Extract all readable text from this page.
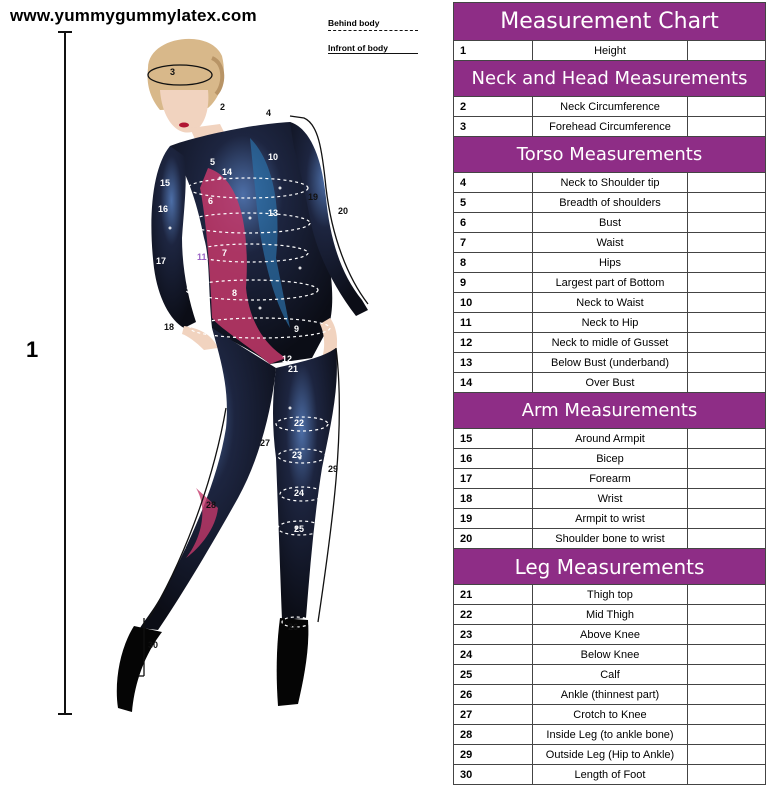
www.yummygummylatex.com	Behind body
Infront of body
1
2
3
4
5
6
7
8
9
10
11
12
13
14
15
16
17
18
19
20
21
22
23
24
25
26
27
28
29
30
Measurement Chart		
1	Height	
Neck and Head Measurements		
2	Neck Circumference	
3	Forehead Circumference	
Torso Measurements		
4	Neck to Shoulder tip	
5	Breadth of shoulders	
6	Bust	
7	Waist	
8	Hips	
9	Largest part of Bottom	
10	Neck to Waist	
11	Neck to Hip	
12	Neck to midle of Gusset	
13	Below Bust (underband)	
14	Over Bust	
Arm Measurements		
15	Around Armpit	
16	Bicep	
17	Forearm	
18	Wrist	
19	Armpit to wrist	
20	Shoulder bone to wrist	
Leg Measurements		
21	Thigh top	
22	Mid Thigh	
23	Above Knee	
24	Below Knee	
25	Calf	
26	Ankle (thinnest part)	
27	Crotch to Knee	
28	Inside Leg (to ankle bone)	
29	Outside Leg (Hip to Ankle)	
30	Length of Foot	
